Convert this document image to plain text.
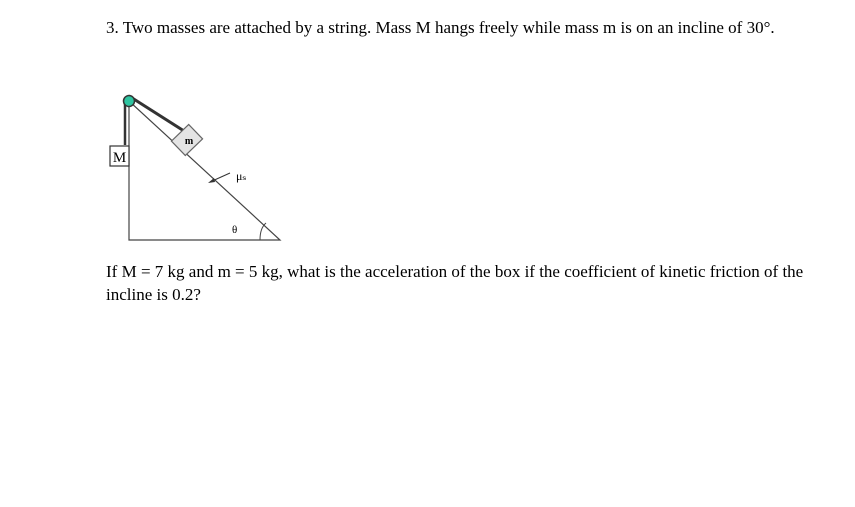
3. Two masses are attached by a string. Mass M hangs freely while mass m is on an incline of 30°.

M
m
μₛ
θ

If M = 7 kg and m = 5 kg, what is the acceleration of the box if the coefficient of kinetic friction of the incline is 0.2?
